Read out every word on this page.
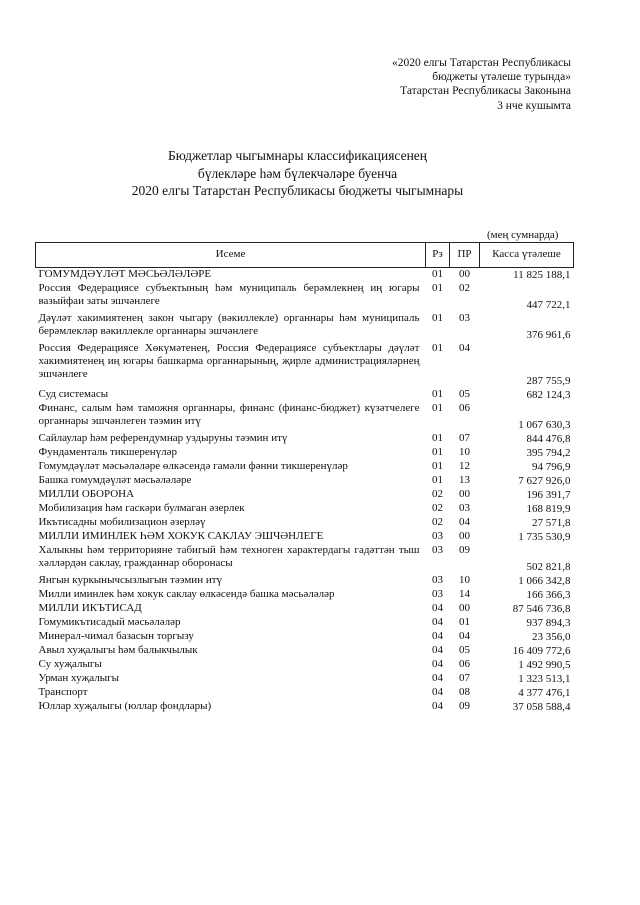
«2020 елгы Татарстан Республикасы
бюджеты үтәлеше турында»
Татарстан Республикасы Законына
3 нче кушымта
Бюджетлар чыгымнары классификациясенең
бүлекләре һәм бүлекчәләре буенча
2020 елгы Татарстан Республикасы бюджеты чыгымнары
(мең сумнарда)
Исеме	Рз	ПР	Касса үтәлеше
ГОМУМДӘҮЛӘТ МӘСЬӘЛӘЛӘРЕ	01	00	11 825 188,1
Россия Федерациясе субъектының һәм муниципаль берәмлекнең иң югары вазыйфаи заты эшчәнлеге	01	02	447 722,1
Дәүләт хакимиятенең закон чыгару (вәкиллекле) органнары һәм муниципаль берәмлекләр вәкиллекле органнары эшчәнлеге	01	03	376 961,6
Россия Федерациясе Хөкүмәтенең, Россия Федерациясе субъектлары дәүләт хакимиятенең иң югары башкарма органнарының, җирле администрацияләрнең эшчәнлеге	01	04	287 755,9
Суд системасы	01	05	682 124,3
Финанс, салым һәм таможня органнары, финанс (финанс-бюджет) күзәтчелеге органнары эшчәнлеген тәэмин итү	01	06	1 067 630,3
Сайлаулар һәм референдумнар уздыруны тәэмин итү	01	07	844 476,8
Фундаменталь тикшеренүләр	01	10	395 794,2
Гомумдәүләт мәсьәләләре өлкәсендә гамәли фәнни тикшеренүләр	01	12	94 796,9
Башка гомумдәүләт мәсьәләләре	01	13	7 627 926,0
МИЛЛИ ОБОРОНА	02	00	196 391,7
Мобилизация һәм гаскәри булмаган әзерлек	02	03	168 819,9
Икътисадны мобилизацион әзерләү	02	04	27 571,8
МИЛЛИ ИМИНЛЕК ҺӘМ ХОКУК САКЛАУ ЭШЧӘНЛЕГЕ	03	00	1 735 530,9
Халыкны һәм территорияне табигый һәм техноген характердагы гадәттән тыш хәлләрдән саклау, гражданнар оборонасы	03	09	502 821,8
Янгын куркынычсызлыгын тәэмин итү	03	10	1 066 342,8
Милли иминлек һәм хокук саклау өлкәсендә башка мәсьәләләр	03	14	166 366,3
МИЛЛИ ИКЪТИСАД	04	00	87 546 736,8
Гомумикътисадый мәсьәләләр	04	01	937 894,3
Минерал-чимал базасын торгызу	04	04	23 356,0
Авыл хуҗалыгы һәм балыкчылык	04	05	16 409 772,6
Су хуҗалыгы	04	06	1 492 990,5
Урман хуҗалыгы	04	07	1 323 513,1
Транспорт	04	08	4 377 476,1
Юллар хуҗалыгы (юллар фондлары)	04	09	37 058 588,4
